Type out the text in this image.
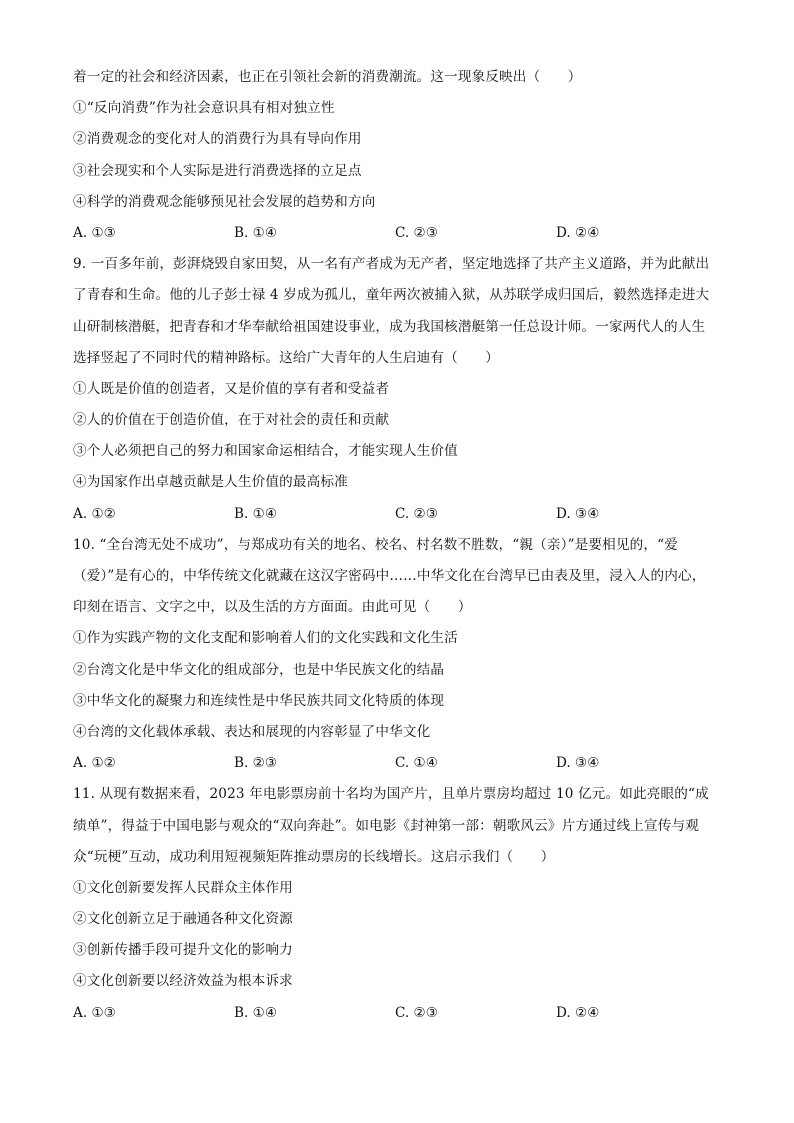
着一定的社会和经济因素，也正在引领社会新的消费潮流。这一现象反映出（　　）
①“反向消费”作为社会意识具有相对独立性
②消费观念的变化对人的消费行为具有导向作用
③社会现实和个人实际是进行消费选择的立足点
④科学的消费观念能够预见社会发展的趋势和方向
A. ①③	B. ①④	C. ②③	D. ②④
9. 一百多年前，彭湃烧毁自家田契，从一名有产者成为无产者，坚定地选择了共产主义道路，并为此献出
了青春和生命。他的儿子彭士禄 4 岁成为孤儿，童年两次被捕入狱，从苏联学成归国后，毅然选择走进大
山研制核潜艇，把青春和才华奉献给祖国建设事业，成为我国核潜艇第一任总设计师。一家两代人的人生
选择竖起了不同时代的精神路标。这给广大青年的人生启迪有（　　）
①人既是价值的创造者，又是价值的享有者和受益者
②人的价值在于创造价值，在于对社会的责任和贡献
③个人必须把自己的努力和国家命运相结合，才能实现人生价值
④为国家作出卓越贡献是人生价值的最高标准
A. ①②	B. ①④	C. ②③	D. ③④
10. “全台湾无处不成功”，与郑成功有关的地名、校名、村名数不胜数，“親（亲）”是要相见的，“爱
（爱）”是有心的，中华传统文化就藏在这汉字密码中……中华文化在台湾早已由表及里，浸入人的内心，
印刻在语言、文字之中，以及生活的方方面面。由此可见（　　）
①作为实践产物的文化支配和影响着人们的文化实践和文化生活
②台湾文化是中华文化的组成部分，也是中华民族文化的结晶
③中华文化的凝聚力和连续性是中华民族共同文化特质的体现
④台湾的文化载体承载、表达和展现的内容彰显了中华文化
A. ①②	B. ②③	C. ①④	D. ③④
11. 从现有数据来看，2023 年电影票房前十名均为国产片，且单片票房均超过 10 亿元。如此亮眼的“成
绩单”，得益于中国电影与观众的“双向奔赴”。如电影《封神第一部：朝歌风云》片方通过线上宣传与观
众“玩梗”互动，成功利用短视频矩阵推动票房的长线增长。这启示我们（　　）
①文化创新要发挥人民群众主体作用
②文化创新立足于融通各种文化资源
③创新传播手段可提升文化的影响力
④文化创新要以经济效益为根本诉求
A. ①③	B. ①④	C. ②③	D. ②④
